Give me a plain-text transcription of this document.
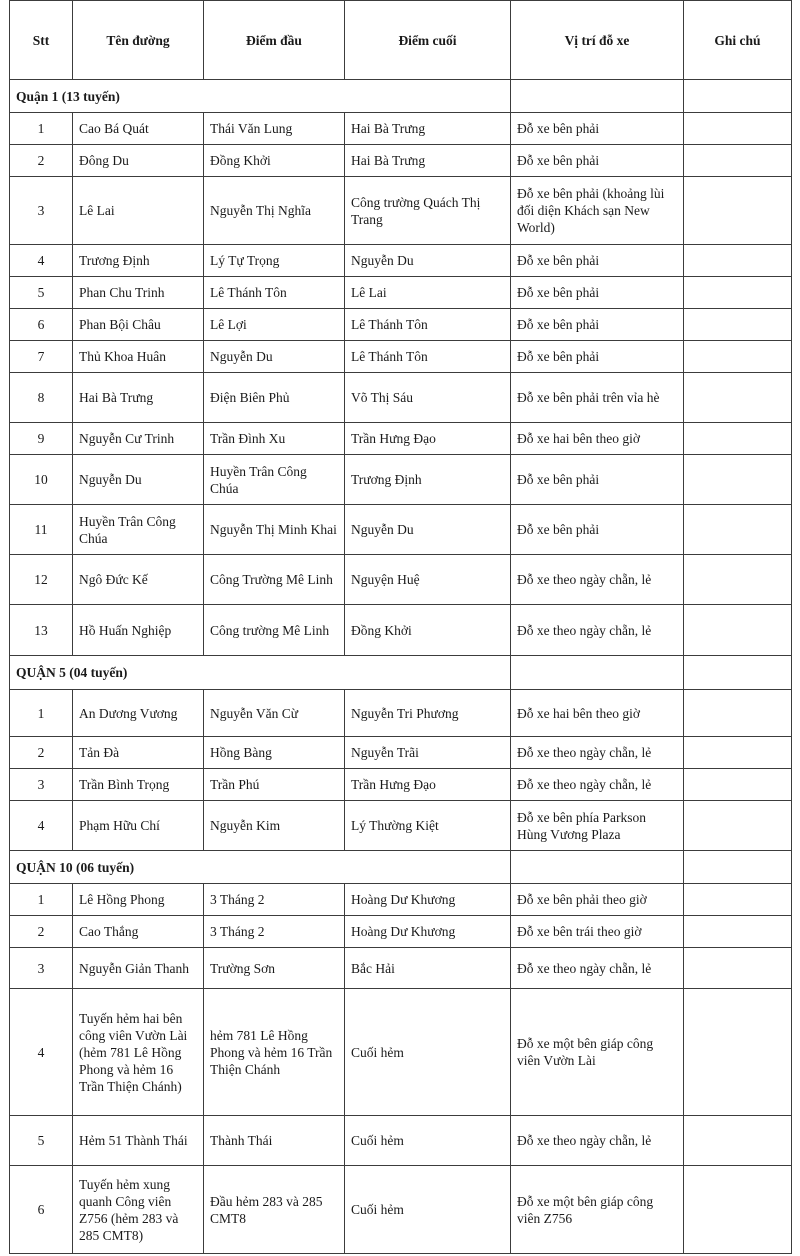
Stt	Tên đường	Điểm đầu	Điểm cuối	Vị trí đỗ xe	Ghi chú
Quận 1 (13 tuyến)					

1	Cao Bá Quát	Thái Văn Lung	Hai Bà Trưng	Đỗ xe bên phải	

2	Đông Du	Đồng Khởi	Hai Bà Trưng	Đỗ xe bên phải	

3	Lê Lai	Nguyễn Thị Nghĩa	Công trường Quách Thị Trang	Đỗ xe bên phải (khoảng lùi đối diện Khách sạn New World)	

4	Trương Định	Lý Tự Trọng	Nguyễn Du	Đỗ xe bên phải	

5	Phan Chu Trinh	Lê Thánh Tôn	Lê Lai	Đỗ xe bên phải	

6	Phan Bội Châu	Lê Lợi	Lê Thánh Tôn	Đỗ xe bên phải	

7	Thủ Khoa Huân	Nguyễn Du	Lê Thánh Tôn	Đỗ xe bên phải	

8	Hai Bà Trưng	Điện Biên Phủ	Võ Thị Sáu	Đỗ xe bên phải trên vỉa hè	

9	Nguyễn Cư Trinh	Trần Đình Xu	Trần Hưng Đạo	Đỗ xe hai bên theo giờ	

10	Nguyễn Du	Huyền Trân Công Chúa	Trương Định	Đỗ xe bên phải	

11	Huyền Trân Công Chúa	Nguyễn Thị Minh Khai	Nguyễn Du	Đỗ xe bên phải	

12	Ngô Đức Kế	Công Trường Mê Linh	Nguyện Huệ	Đỗ xe theo ngày chẵn, lẻ	

13	Hồ Huấn Nghiệp	Công trường Mê Linh	Đồng Khởi	Đỗ xe theo ngày chẵn, lẻ	

QUẬN 5 (04 tuyến)					

1	An Dương Vương	Nguyễn Văn Cừ	Nguyễn Tri Phương	Đỗ xe hai bên theo giờ	

2	Tản Đà	Hồng Bàng	Nguyễn Trãi	Đỗ xe theo ngày chẵn, lẻ	

3	Trần Bình Trọng	Trần Phú	Trần Hưng Đạo	Đỗ xe theo ngày chẵn, lẻ	

4	Phạm Hữu Chí	Nguyễn Kim	Lý Thường Kiệt	Đỗ xe bên phía Parkson Hùng Vương Plaza	

QUẬN 10 (06 tuyến)					

1	Lê Hồng Phong	3 Tháng 2	Hoàng Dư Khương	Đỗ xe bên phải theo giờ	

2	Cao Thắng	3 Tháng 2	Hoàng Dư Khương	Đỗ xe bên trái theo giờ	

3	Nguyễn Giản Thanh	Trường Sơn	Bắc Hải	Đỗ xe theo ngày chẵn, lẻ	

4	Tuyến hẻm hai bên công viên Vườn Lài (hẻm 781 Lê Hồng Phong và hẻm 16 Trần Thiện Chánh)	hẻm 781 Lê Hồng Phong và hẻm 16 Trần Thiện Chánh	Cuối hẻm	Đỗ xe một bên giáp công viên Vườn Lài	

5	Hẻm 51 Thành Thái	Thành Thái	Cuối hẻm	Đỗ xe theo ngày chẵn, lẻ	

6	Tuyến hẻm xung quanh Công viên Z756 (hẻm 283 và 285 CMT8)	Đầu hẻm 283 và 285 CMT8	Cuối hẻm	Đỗ xe một bên giáp công viên Z756	
